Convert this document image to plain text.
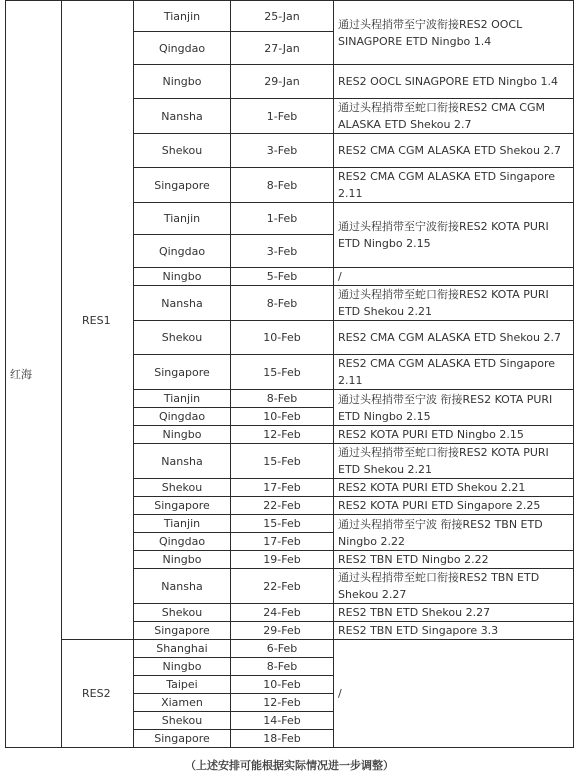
红海	RES1	Tianjin	25-Jan	通过头程捎带至宁波衔接RES2 OOCL SINAGPORE ETD Ningbo 1.4
		Qingdao	27-Jan	
		Ningbo	29-Jan	RES2 OOCL SINAGPORE ETD Ningbo 1.4
		Nansha	1-Feb	通过头程捎带至蛇口衔接RES2 CMA CGM ALASKA ETD Shekou 2.7
		Shekou	3-Feb	RES2 CMA CGM ALASKA ETD Shekou 2.7
		Singapore	8-Feb	RES2 CMA CGM ALASKA ETD Singapore 2.11
		Tianjin	1-Feb	通过头程捎带至宁波衔接RES2 KOTA PURI ETD Ningbo 2.15
		Qingdao	3-Feb	
		Ningbo	5-Feb	/
		Nansha	8-Feb	通过头程捎带至蛇口衔接RES2 KOTA PURI ETD Shekou 2.21
		Shekou	10-Feb	RES2 CMA CGM ALASKA ETD Shekou 2.7
		Singapore	15-Feb	RES2 CMA CGM ALASKA ETD Singapore 2.11
		Tianjin	8-Feb	通过头程捎带至宁波 衔接RES2 KOTA PURI ETD Ningbo 2.15
		Qingdao	10-Feb	
		Ningbo	12-Feb	RES2 KOTA PURI ETD Ningbo 2.15
		Nansha	15-Feb	通过头程捎带至蛇口衔接RES2 KOTA PURI ETD Shekou 2.21
		Shekou	17-Feb	RES2 KOTA PURI ETD Shekou 2.21
		Singapore	22-Feb	RES2 KOTA PURI ETD Singapore 2.25
		Tianjin	15-Feb	通过头程捎带至宁波 衔接RES2 TBN ETD Ningbo 2.22
		Qingdao	17-Feb	
		Ningbo	19-Feb	RES2 TBN ETD Ningbo 2.22
		Nansha	22-Feb	通过头程捎带至蛇口衔接RES2 TBN ETD Shekou 2.27
		Shekou	24-Feb	RES2 TBN ETD Shekou 2.27
		Singapore	29-Feb	RES2 TBN ETD Singapore 3.3
	RES2	Shanghai	6-Feb	/
		Ningbo	8-Feb	
		Taipei	10-Feb	
		Xiamen	12-Feb	
		Shekou	14-Feb	
		Singapore	18-Feb	
（上述安排可能根据实际情况进一步调整）
